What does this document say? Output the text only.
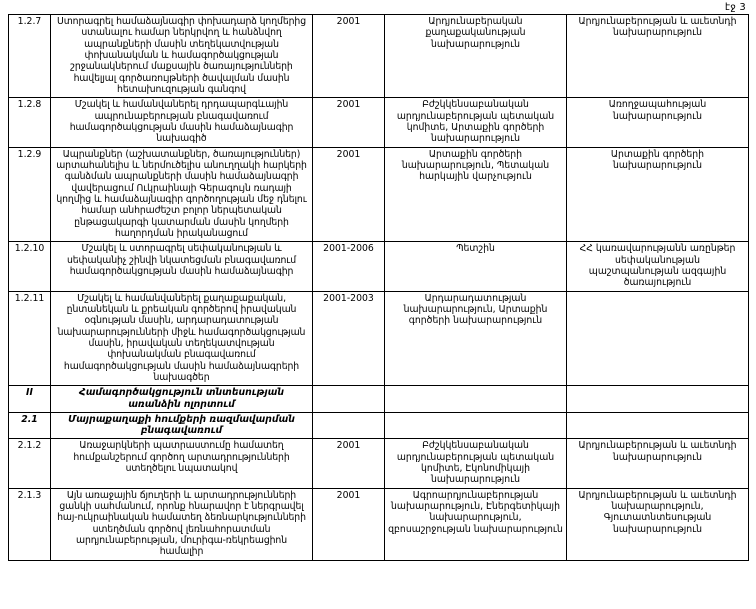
էջ 3
1.2.7	Ստորագրել համաձայնագիր փոխադարձ կողմերից ստանալու համար ներկրվող և հանձնվող ապրանքների մասին տեղեկատվության փոխանակման և համագործակցության շրջանակներում մաքսային ծառայությունների հավելյալ գործառույթների ծավալման մասին հետախուզության գանգով	2001	Արդյունաբերական քաղաքականության նախարարություն	Արդյունաբերության և աւետնդի նախարարություն
1.2.8	Մշակել և համանվաներել դրդապարգևային ապրունաբերության բնագավառում համագործակցության մասին համաձայնագիր նախագիծ	2001	Բժշկկենսաբանական արդյունաբերության պետական կոմիտե, Արտաքին գործերի նախարարություն	Առողջապահության նախարարություն
1.2.9	Ապրանքներ (աշխատանքներ, ծառայություններ) արտահանելիս և ներմուծելիս անուղղակի հարկերի գանձման ապրանքների մասին համաձայնագրի վավերացում Ուկրաինայի Գերագույն ռադայի կողմից և համաձայնագիր գործողության մեջ դնելու համար անհրաժեշտ բոլոր ներպետական ընթացակարգի կատարման մասին կողմերի հաղորդման իրականացում	2001	Արտաքին գործերի նախարարություն, Պետական հարկային վարչություն	Արտաքին գործերի նախարարություն
1.2.10	Մշակել և ստորագրել սեփականության և սեփականիչ շինվի նկատեցման բնագավառում համագործակցության մասին համաձայնագիր	2001-2006	Պետշին	ՀՀ կառավարությանն առընթեր սեփականության պաշտպանության ազգային ծառայություն
1.2.11	Մշակել և համանվաներել քաղաքաքական, ընտանեկան և քրեական գործերով իրավական օգնության մասին, արդարադատության նախարարությունների միջև համագործակցության մասին, իրավական տեղեկատվության փոխանակման բնագավառում համագործակցության մասին համաձայնագրերի նախագծեր	2001-2003	Արդարադատության նախարարություն, Արտաքին գործերի նախարարություն	
II	Համագործակցություն տնտեսության առանձին ոլորտում			
2.1	Մայրաքաղաքի հումքերի ռազմավարման բնագավառում			
2.1.2	Առաջարկների պատրաստումը համատեղ հումքանշերում գործող արտադրությունների ստեղծելու նպատակով	2001	Բժշկկենսաբանական արդյունաբերության պետական կոմիտե, Էկոնոմիկայի նախարարություն	Արդյունաբերության և աւետնդի նախարարություն
2.1.3	Այն առաջային ճյուղերի և արտադրությունների ցանկի սահմանում, որոնք հնարավոր է ներգրավել հայ-ուկրաինական համատեղ ձեռնարկությունների ստեղծման գործով լեռնահորատման արդյունաբերության, մուրիգա-ռեկրեացիոն համալիր	2001	Ագրոարդյունաբերության նախարարություն, Էներգետիկայի նախարարություն, զբոսաշրջության նախարարություն	Արդյունաբերության և աւետնդի նախարարություն, Գյուտատնտեսության նախարարություն
